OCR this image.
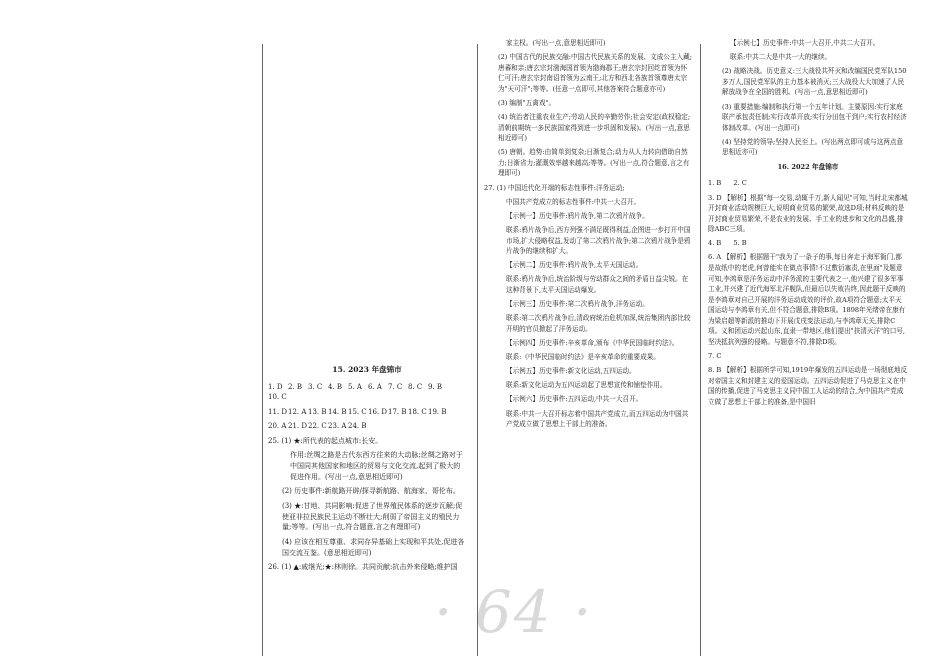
15. 2023 年盘锦市

1. D 2. B 3. C 4. B 5. A 6. A 7. C 8. C 9. B
10. C

11. D 12. A 13. B 14. B 15. C 16. D 17. B 18. C 19. B

20. A 21. D 22. C 23. A 24. B

25. (1) ★:所代表的起点城市:长安。

作用:丝绸之路是古代东西方往来的大动脉;丝绸之路对于中国同其他国家和地区的贸易与文化交流,起到了极大的促进作用。(写出一点,意思相近即可)

(2) 历史事件:新航路开辟/探寻新航路、航海家、哥伦布。

(3) ★:甘地、共同影响:促进了世界殖民体系的逐步瓦解;促使亚非拉民族民主运动不断壮大;削弱了帝国主义的殖民力量;等等。(写出一点,符合题意,言之有理即可)

(4) 应该在相互尊重、求同存异基础上实现和平共处,促进各国交流互鉴。(意思相近即可)

26. (1) ▲:戚继光;★:林则徐。共同贡献:抗击外来侵略;维护国

家主权。(写出一点,意思相近即可)

(2) 中国古代的民族交融:中国古代民族关系的发展、文成公主入藏;唐蕃和亲;唐玄宗封渤海国首领为渤海郡王;唐玄宗封回纥首领为怀仁可汗;唐玄宗封南诏首领为云南王;北方和西北各族首领尊唐太宗为"天可汗";等等。(任意一点即可,其他答案符合题意亦可)

(3) 编制"五禽戏"。

(4) 统治者注重农业生产;劳动人民的辛勤劳作;社会安定(政权稳定;清朝前期统一多民族国家得到进一步巩固和发展)。(写出一点,意思相近即可)

(5) 唐朝。趋势:由简单到复杂;日渐复合;动力从人力转向借助自然力;日渐省力;灌溉效率越来越高;等等。(写出一点,符合题意,言之有理即可)

27. (1) 中国近代化开端的标志性事件:洋务运动;

中国共产党成立的标志性事件:中共一大召开。

【示例一】历史事件:鸦片战争,第二次鸦片战争。

联系:鸦片战争后,西方列强不满足既得利益,企图进一步打开中国市场,扩大侵略权益,发动了第二次鸦片战争;第二次鸦片战争是鸦片战争的继续和扩大。

【示例二】历史事件:鸦片战争,太平天国运动。

联系:鸦片战争后,统治阶级与劳动群众之间的矛盾日益尖锐。在这种背景下,太平天国运动爆发。

【示例三】历史事件:第二次鸦片战争,洋务运动。

联系:第二次鸦片战争后,清政府统治危机加深,统治集团内部比较开明的官员掀起了洋务运动。

【示例四】历史事件:辛亥革命,颁布《中华民国临时约法》。

联系:《中华民国临时约法》是辛亥革命的重要成果。

【示例五】历史事件:新文化运动,五四运动。

联系:新文化运动为五四运动起了思想宣传和铺垫作用。

【示例六】历史事件:五四运动,中共一大召开。

联系:中共一大召开标志着中国共产党成立,而五四运动为中国共产党成立做了思想上干部上的准备。

【示例七】历史事件:中共一大召开,中共二大召开。

联系:中共二大是中共一大的继续。

(2) 战略决战。历史意义:三大战役共歼灭和改编国民党军队150多万人,国民党军队的主力基本被消灭;三大战役大大加速了人民解放战争在全国的胜利。(写出一点,意思相近即可)

(3) 重要措施:编制和执行第一个五年计划。主要原因:实行家庭联产承包责任制;实行改革开放;实行分田包干到户;实行农村经济体制改革。(写出一点即可)

(4) 坚持党的领导;坚持人民至上。(写出两点即可或与这两点意思相近亦可)

16. 2022 年盘锦市

1. B 2. C

3. D 【解析】根据"每一交易,动辄千万,新人闻见"可知,当时北宋都城开封商业活动规模巨大,说明商业贸易的繁荣,故选D项;材料反映的是开封商业贸易繁荣,不是农业的发展、手工业的进步和文化的昌盛,排除ABC三项。

4. B 5. B

6. A 【解析】根据题干"我为了一条子的事,每日奔走于海军衙门,都是故纸中的老虎,何曾能实在做点事情!不过敷衍塞责,在里面"及题意可知,李鸿章是洋务运动中洋务派的主要代表之一,他兴建了很多军事工业,并兴建了近代海军北洋舰队,但最后以失败告终,因此题干反映的是李鸿章对自己开展的洋务运动成效的评价,故A项符合题意;太平天国运动与李鸿章有关,但不符合题意,排除B项。1898年光绪帝在康有为梁启超等新派的推动下开展戊戌变法运动,与李鸿章无关,排除C项。义和团运动兴起山东,直隶一带地区,他们提出"扶清灭洋"的口号,坚决抵抗列强的侵略。与题意不符,排除D项。

7. C

8. B 【解析】根据所学可知,1919年爆发的五四运动是一场彻底地反对帝国主义和封建主义的爱国运动。五四运动促进了马克思主义在中国的传播,促进了马克思主义同中国工人运动的结合,为中国共产党成立做了思想上干部上的准备,是中国旧

· 64 ·
